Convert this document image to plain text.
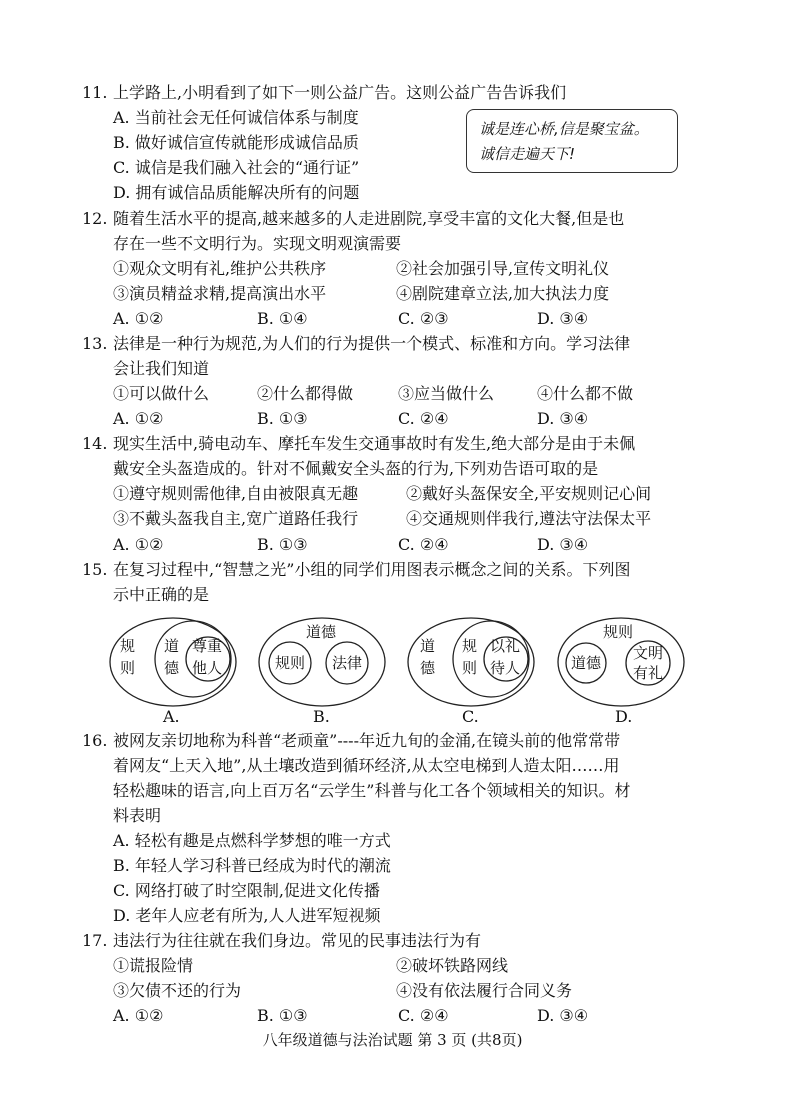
11. 上学路上,小明看到了如下一则公益广告。这则公益广告告诉我们
A. 当前社会无任何诚信体系与制度
B. 做好诚信宣传就能形成诚信品质
C. 诚信是我们融入社会的“通行证”
D. 拥有诚信品质能解决所有的问题
诚是连心桥,信是聚宝盆。
诚信走遍天下!
12. 随着生活水平的提高,越来越多的人走进剧院,享受丰富的文化大餐,但是也
存在一些不文明行为。实现文明观演需要
①观众文明有礼,维护公共秩序	②社会加强引导,宣传文明礼仪
③演员精益求精,提高演出水平	④剧院建章立法,加大执法力度
A. ①②	B. ①④	C. ②③	D. ③④
13. 法律是一种行为规范,为人们的行为提供一个模式、标准和方向。学习法律
会让我们知道
①可以做什么	②什么都得做	③应当做什么	④什么都不做
A. ①②	B. ①③	C. ②④	D. ③④
14. 现实生活中,骑电动车、摩托车发生交通事故时有发生,绝大部分是由于未佩
戴安全头盔造成的。针对不佩戴安全头盔的行为,下列劝告语可取的是
①遵守规则需他律,自由被限真无趣	②戴好头盔保安全,平安规则记心间
③不戴头盔我自主,宽广道路任我行	④交通规则伴我行,遵法守法保太平
A. ①②	B. ①③	C. ②④	D. ③④
15. 在复习过程中,“智慧之光”小组的同学们用图表示概念之间的关系。下列图
示中正确的是
规
则
道
德
尊重
他人
A.
道德
规则 法律
B.
道
德
规
则
以礼
待人
C.
规则
道德
文明
有礼
D.
16. 被网友亲切地称为科普“老顽童”----年近九旬的金涌,在镜头前的他常常带
着网友“上天入地”,从土壤改造到循环经济,从太空电梯到人造太阳……用
轻松趣味的语言,向上百万名“云学生”科普与化工各个领域相关的知识。材
料表明
A. 轻松有趣是点燃科学梦想的唯一方式
B. 年轻人学习科普已经成为时代的潮流
C. 网络打破了时空限制,促进文化传播
D. 老年人应老有所为,人人进军短视频
17. 违法行为往往就在我们身边。常见的民事违法行为有
①谎报险情	②破坏铁路网线
③欠债不还的行为	④没有依法履行合同义务
A. ①②	B. ①③	C. ②④	D. ③④
八年级道德与法治试题 第 3 页 (共8页)
